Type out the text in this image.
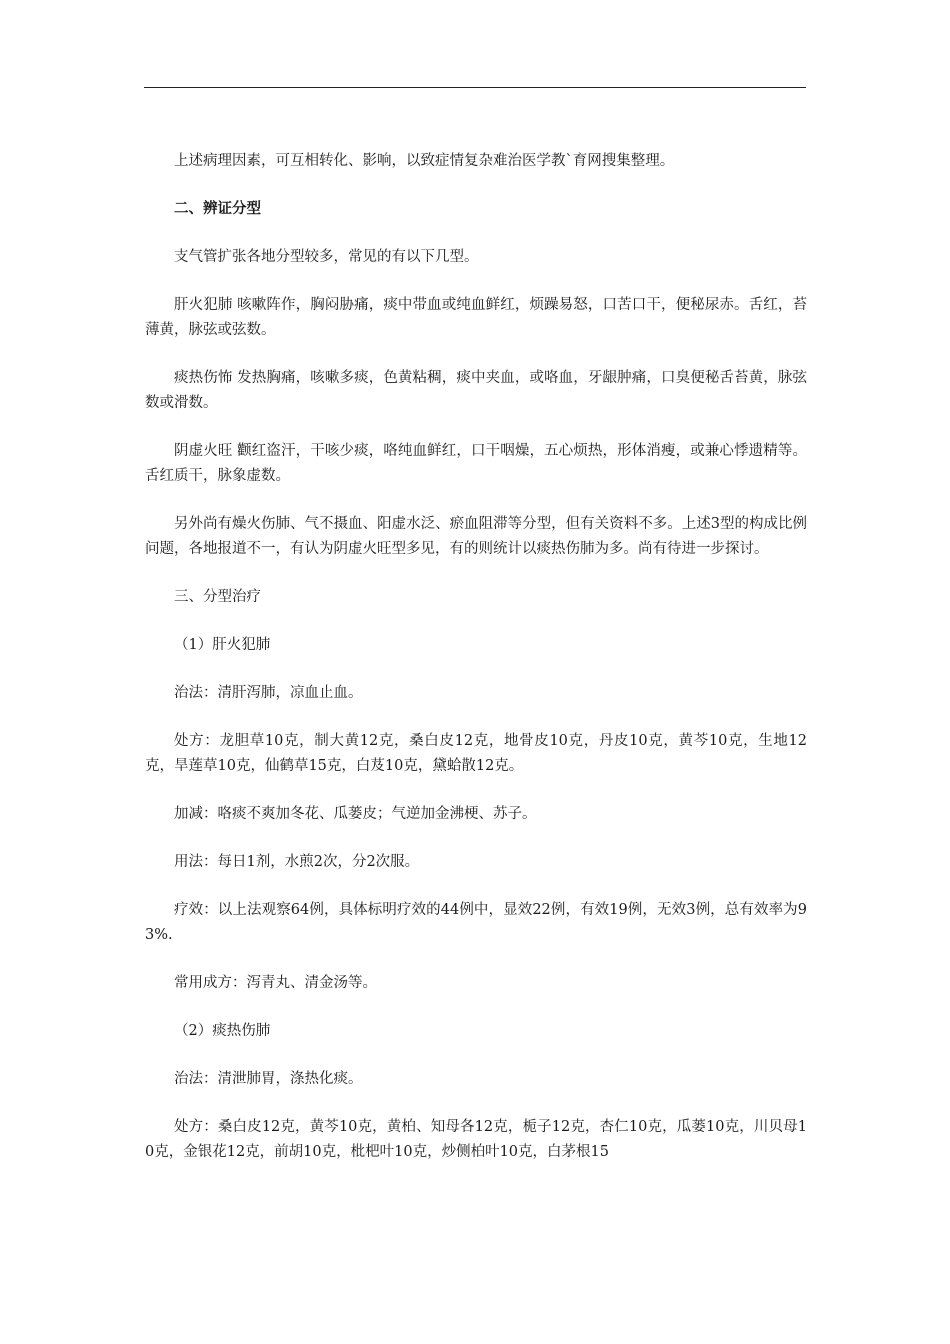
上述病理因素，可互相转化、影响，以致症情复杂难治医学教`育网搜集整理。

二、辨证分型

支气管扩张各地分型较多，常见的有以下几型。

肝火犯肺 咳嗽阵作，胸闷胁痛，痰中带血或纯血鲜红，烦躁易怒，口苦口干，便秘尿赤。舌红，苔薄黄，脉弦或弦数。

痰热伤怖 发热胸痛，咳嗽多痰，色黄粘稠，痰中夹血，或咯血，牙龈肿痛，口臭便秘舌苔黄，脉弦数或滑数。

阴虚火旺 颧红盗汗，干咳少痰，咯纯血鲜红，口干咽燥，五心烦热，形体消瘦，或兼心悸遗精等。舌红质干，脉象虚数。

另外尚有燥火伤肺、气不摄血、阳虚水泛、瘀血阻滞等分型，但有关资料不多。上述3型的构成比例问题，各地报道不一，有认为阴虚火旺型多见，有的则统计以痰热伤肺为多。尚有待进一步探讨。

三、分型治疗

（1）肝火犯肺

治法：清肝泻肺，凉血止血。

处方：龙胆草10克，制大黄12克，桑白皮12克，地骨皮10克，丹皮10克，黄芩10克，生地12克，旱莲草10克，仙鹤草15克，白芨10克，黛蛤散12克。

加减：咯痰不爽加冬花、瓜蒌皮；气逆加金沸梗、苏子。

用法：每日1剂，水煎2次，分2次服。

疗效：以上法观察64例，具体标明疗效的44例中，显效22例，有效19例，无效3例，总有效率为93%.

常用成方：泻青丸、清金汤等。

（2）痰热伤肺

治法：清泄肺胃，涤热化痰。

处方：桑白皮12克，黄芩10克，黄柏、知母各12克，栀子12克，杏仁10克，瓜蒌10克，川贝母10克，金银花12克，前胡10克，枇杷叶10克，炒侧柏叶10克，白茅根15
